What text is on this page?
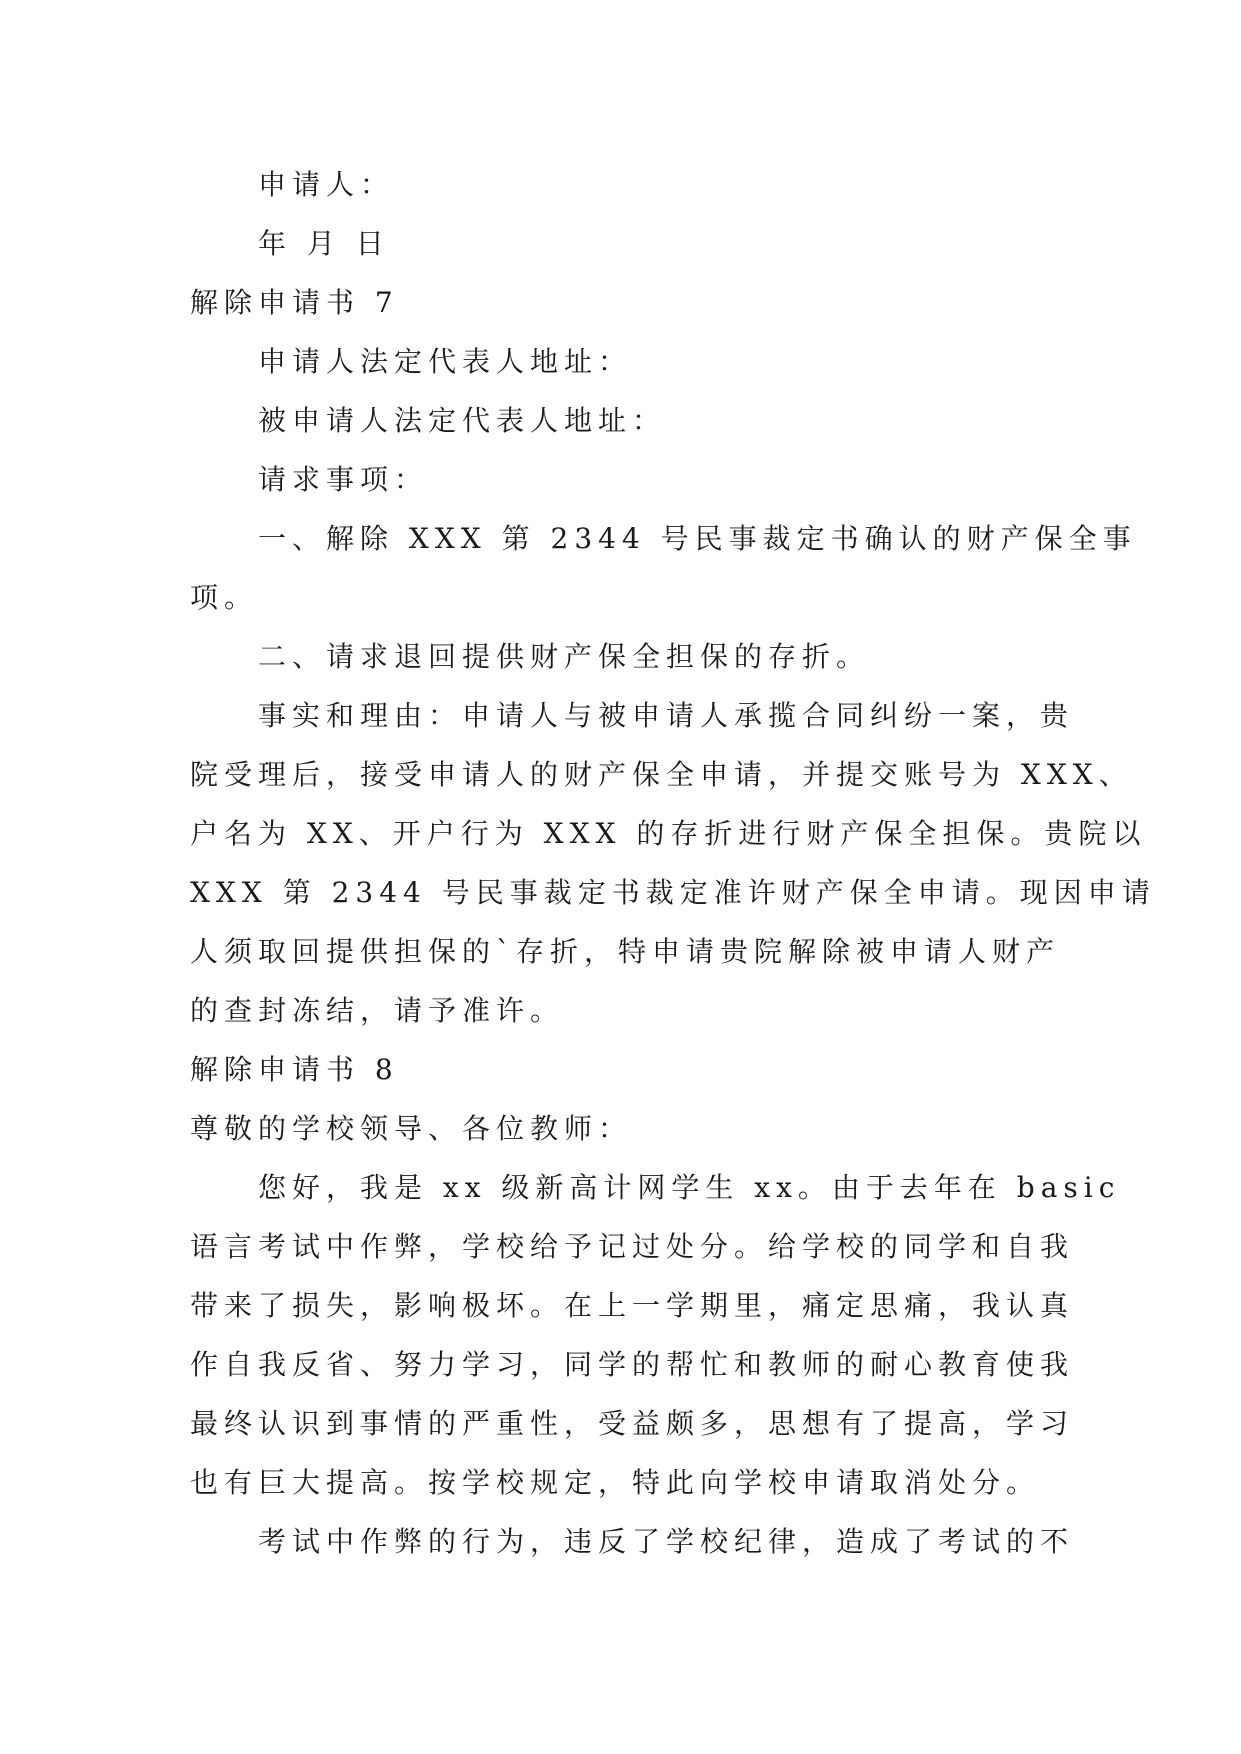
申请人：
年 月 日
解除申请书 7
申请人法定代表人地址：
被申请人法定代表人地址：
请求事项：
一、解除 XXX 第 2344 号民事裁定书确认的财产保全事
项。
二、请求退回提供财产保全担保的存折。
事实和理由：申请人与被申请人承揽合同纠纷一案，贵
院受理后，接受申请人的财产保全申请，并提交账号为 XXX、
户名为 XX、开户行为 XXX 的存折进行财产保全担保。贵院以
XXX 第 2344 号民事裁定书裁定准许财产保全申请。现因申请
人须取回提供担保的`存折，特申请贵院解除被申请人财产
的查封冻结，请予准许。
解除申请书 8
尊敬的学校领导、各位教师：
您好，我是 xx 级新高计网学生 xx。由于去年在 basic
语言考试中作弊，学校给予记过处分。给学校的同学和自我
带来了损失，影响极坏。在上一学期里，痛定思痛，我认真
作自我反省、努力学习，同学的帮忙和教师的耐心教育使我
最终认识到事情的严重性，受益颇多，思想有了提高，学习
也有巨大提高。按学校规定，特此向学校申请取消处分。
考试中作弊的行为，违反了学校纪律，造成了考试的不
